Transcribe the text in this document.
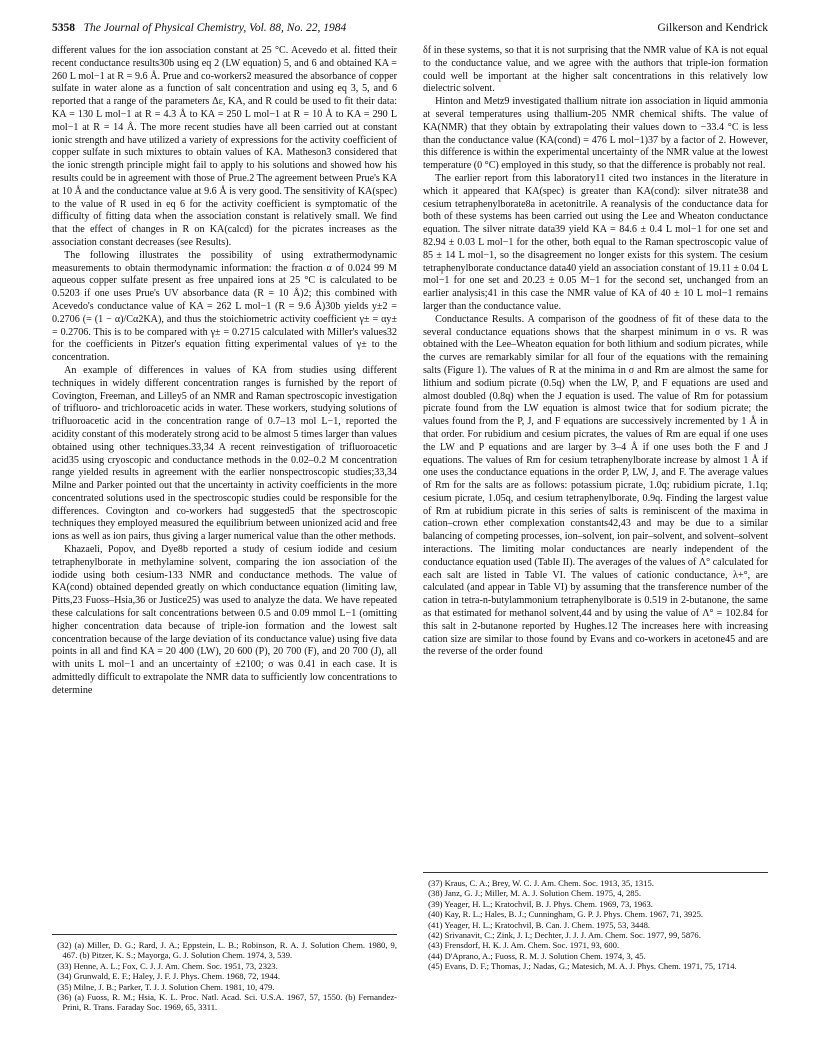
5358 The Journal of Physical Chemistry, Vol. 88, No. 22, 1984	Gilkerson and Kendrick

different values for the ion association constant at 25 °C. Acevedo et al. fitted their recent conductance results30b using eq 2 (LW equation) 5, and 6 and obtained KA = 260 L mol−1 at R = 9.6 Å. Prue and co-workers2 measured the absorbance of copper sulfate in water alone as a function of salt concentration and using eq 3, 5, and 6 reported that a range of the parameters Δε, KA, and R could be used to fit their data: KA = 130 L mol−1 at R = 4.3 Å to KA = 250 L mol−1 at R = 10 Å to KA = 290 L mol−1 at R = 14 Å. The more recent studies have all been carried out at constant ionic strength and have utilized a variety of expressions for the activity coefficient of copper sulfate in such mixtures to obtain values of KA. Matheson3 considered that the ionic strength principle might fail to apply to his solutions and showed how his results could be in agreement with those of Prue.2 The agreement between Prue's KA at 10 Å and the conductance value at 9.6 Å is very good. The sensitivity of KA(spec) to the value of R used in eq 6 for the activity coefficient is symptomatic of the difficulty of fitting data when the association constant is relatively small. We find that the effect of changes in R on KA(calcd) for the picrates increases as the association constant decreases (see Results).

The following illustrates the possibility of using extrathermodynamic measurements to obtain thermodynamic information: the fraction α of 0.024 99 M aqueous copper sulfate present as free unpaired ions at 25 °C is calculated to be 0.5203 if one uses Prue's UV absorbance data (R = 10 Å)2; this combined with Acevedo's conductance value of KA = 262 L mol−1 (R = 9.6 Å)30b yields y±2 = 0.2706 (= (1 − α)/Cα2KA), and thus the stoichiometric activity coefficient γ± = αy± = 0.2706. This is to be compared with γ± = 0.2715 calculated with Miller's values32 for the coefficients in Pitzer's equation fitting experimental values of γ± to the concentration.

An example of differences in values of KA from studies using different techniques in widely different concentration ranges is furnished by the report of Covington, Freeman, and Lilley5 of an NMR and Raman spectroscopic investigation of trifluoro- and trichloroacetic acids in water. These workers, studying solutions of trifluoroacetic acid in the concentration range of 0.7–13 mol L−1, reported the acidity constant of this moderately strong acid to be almost 5 times larger than values obtained using other techniques.33,34 A recent reinvestigation of trifluoroacetic acid35 using cryoscopic and conductance methods in the 0.02–0.2 M concentration range yielded results in agreement with the earlier nonspectroscopic studies;33,34 Milne and Parker pointed out that the uncertainty in activity coefficients in the more concentrated solutions used in the spectroscopic studies could be responsible for the differences. Covington and co-workers had suggested5 that the spectroscopic techniques they employed measured the equilibrium between unionized acid and free ions as well as ion pairs, thus giving a larger numerical value than the other methods.

Khazaeli, Popov, and Dye8b reported a study of cesium iodide and cesium tetraphenylborate in methylamine solvent, comparing the ion association of the iodide using both cesium-133 NMR and conductance methods. The value of KA(cond) obtained depended greatly on which conductance equation (limiting law, Pitts,23 Fuoss–Hsia,36 or Justice25) was used to analyze the data. We have repeated these calculations for salt concentrations between 0.5 and 0.09 mmol L−1 (omitting higher concentration data because of triple-ion formation and the lowest salt concentration because of the large deviation of its conductance value) using five data points in all and find KA = 20 400 (LW), 20 600 (P), 20 700 (F), and 20 700 (J), all with units L mol−1 and an uncertainty of ±2100; σ was 0.41 in each case. It is admittedly difficult to extrapolate the NMR data to sufficiently low concentrations to determine

δf in these systems, so that it is not surprising that the NMR value of KA is not equal to the conductance value, and we agree with the authors that triple-ion formation could well be important at the higher salt concentrations in this relatively low dielectric solvent.

Hinton and Metz9 investigated thallium nitrate ion association in liquid ammonia at several temperatures using thallium-205 NMR chemical shifts. The value of KA(NMR) that they obtain by extrapolating their values down to −33.4 °C is less than the conductance value (KA(cond) = 476 L mol−1)37 by a factor of 2. However, this difference is within the experimental uncertainty of the NMR value at the lowest temperature (0 °C) employed in this study, so that the difference is probably not real.

The earlier report from this laboratory11 cited two instances in the literature in which it appeared that KA(spec) is greater than KA(cond): silver nitrate38 and cesium tetraphenylborate8a in acetonitrile. A reanalysis of the conductance data for both of these systems has been carried out using the Lee and Wheaton conductance equation. The silver nitrate data39 yield KA = 84.6 ± 0.4 L mol−1 for one set and 82.94 ± 0.03 L mol−1 for the other, both equal to the Raman spectroscopic value of 85 ± 14 L mol−1, so the disagreement no longer exists for this system. The cesium tetraphenylborate conductance data40 yield an association constant of 19.11 ± 0.04 L mol−1 for one set and 20.23 ± 0.05 M−1 for the second set, unchanged from an earlier analysis;41 in this case the NMR value of KA of 40 ± 10 L mol−1 remains larger than the conductance value.

Conductance Results. A comparison of the goodness of fit of these data to the several conductance equations shows that the sharpest minimum in σ vs. R was obtained with the Lee–Wheaton equation for both lithium and sodium picrates, while the curves are remarkably similar for all four of the equations with the remaining salts (Figure 1). The values of R at the minima in σ and Rm are almost the same for lithium and sodium picrate (0.5q) when the LW, P, and F equations are used and almost doubled (0.8q) when the J equation is used. The value of Rm for potassium picrate found from the LW equation is almost twice that for sodium picrate; the values found from the P, J, and F equations are successively incremented by 1 Å in that order. For rubidium and cesium picrates, the values of Rm are equal if one uses the LW and P equations and are larger by 3–4 Å if one uses both the F and J equations. The values of Rm for cesium tetraphenylborate increase by almost 1 Å if one uses the conductance equations in the order P, LW, J, and F. The average values of Rm for the salts are as follows: potassium picrate, 1.0q; rubidium picrate, 1.1q; cesium picrate, 1.05q, and cesium tetraphenylborate, 0.9q. Finding the largest value of Rm at rubidium picrate in this series of salts is reminiscent of the maxima in cation–crown ether complexation constants42,43 and may be due to a similar balancing of competing processes, ion–solvent, ion pair–solvent, and solvent–solvent interactions. The limiting molar conductances are nearly independent of the conductance equation used (Table II). The averages of the values of Λ° calculated for each salt are listed in Table VI. The values of cationic conductance, λ+°, are calculated (and appear in Table VI) by assuming that the transference number of the cation in tetra-n-butylammonium tetraphenylborate is 0.519 in 2-butanone, the same as that estimated for methanol solvent,44 and by using the value of Λ° = 102.84 for this salt in 2-butanone reported by Hughes.12 The increases here with increasing cation size are similar to those found by Evans and co-workers in acetone45 and are the reverse of the order found

(32) (a) Miller, D. G.; Rard, J. A.; Eppstein, L. B.; Robinson, R. A. J. Solution Chem. 1980, 9, 467. (b) Pitzer, K. S.; Mayorga, G. J. Solution Chem. 1974, 3, 539.
(33) Henne, A. L.; Fox, C. J. J. Am. Chem. Soc. 1951, 73, 2323.
(34) Grunwald, E. F.; Haley, J. F. J. Phys. Chem. 1968, 72, 1944.
(35) Milne, J. B.; Parker, T. J. J. Solution Chem. 1981, 10, 479.
(36) (a) Fuoss, R. M.; Hsia, K. L. Proc. Natl. Acad. Sci. U.S.A. 1967, 57, 1550. (b) Fernandez-Prini, R. Trans. Faraday Soc. 1969, 65, 3311.
(37) Kraus, C. A.; Brey, W. C. J. Am. Chem. Soc. 1913, 35, 1315.
(38) Janz, G. J.; Miller, M. A. J. Solution Chem. 1975, 4, 285.
(39) Yeager, H. L.; Kratochvil, B. J. Phys. Chem. 1969, 73, 1963.
(40) Kay, R. L.; Hales, B. J.; Cunningham, G. P. J. Phys. Chem. 1967, 71, 3925.
(41) Yeager, H. L.; Kratochvil, B. Can. J. Chem. 1975, 53, 3448.
(42) Srivanavit, C.; Zink, J. I.; Dechter, J. J. J. Am. Chem. Soc. 1977, 99, 5876.
(43) Frensdorf, H. K. J. Am. Chem. Soc. 1971, 93, 600.
(44) D'Aprano, A.; Fuoss, R. M. J. Solution Chem. 1974, 3, 45.
(45) Evans, D. F.; Thomas, J.; Nadas, G.; Matesich, M. A. J. Phys. Chem. 1971, 75, 1714.
